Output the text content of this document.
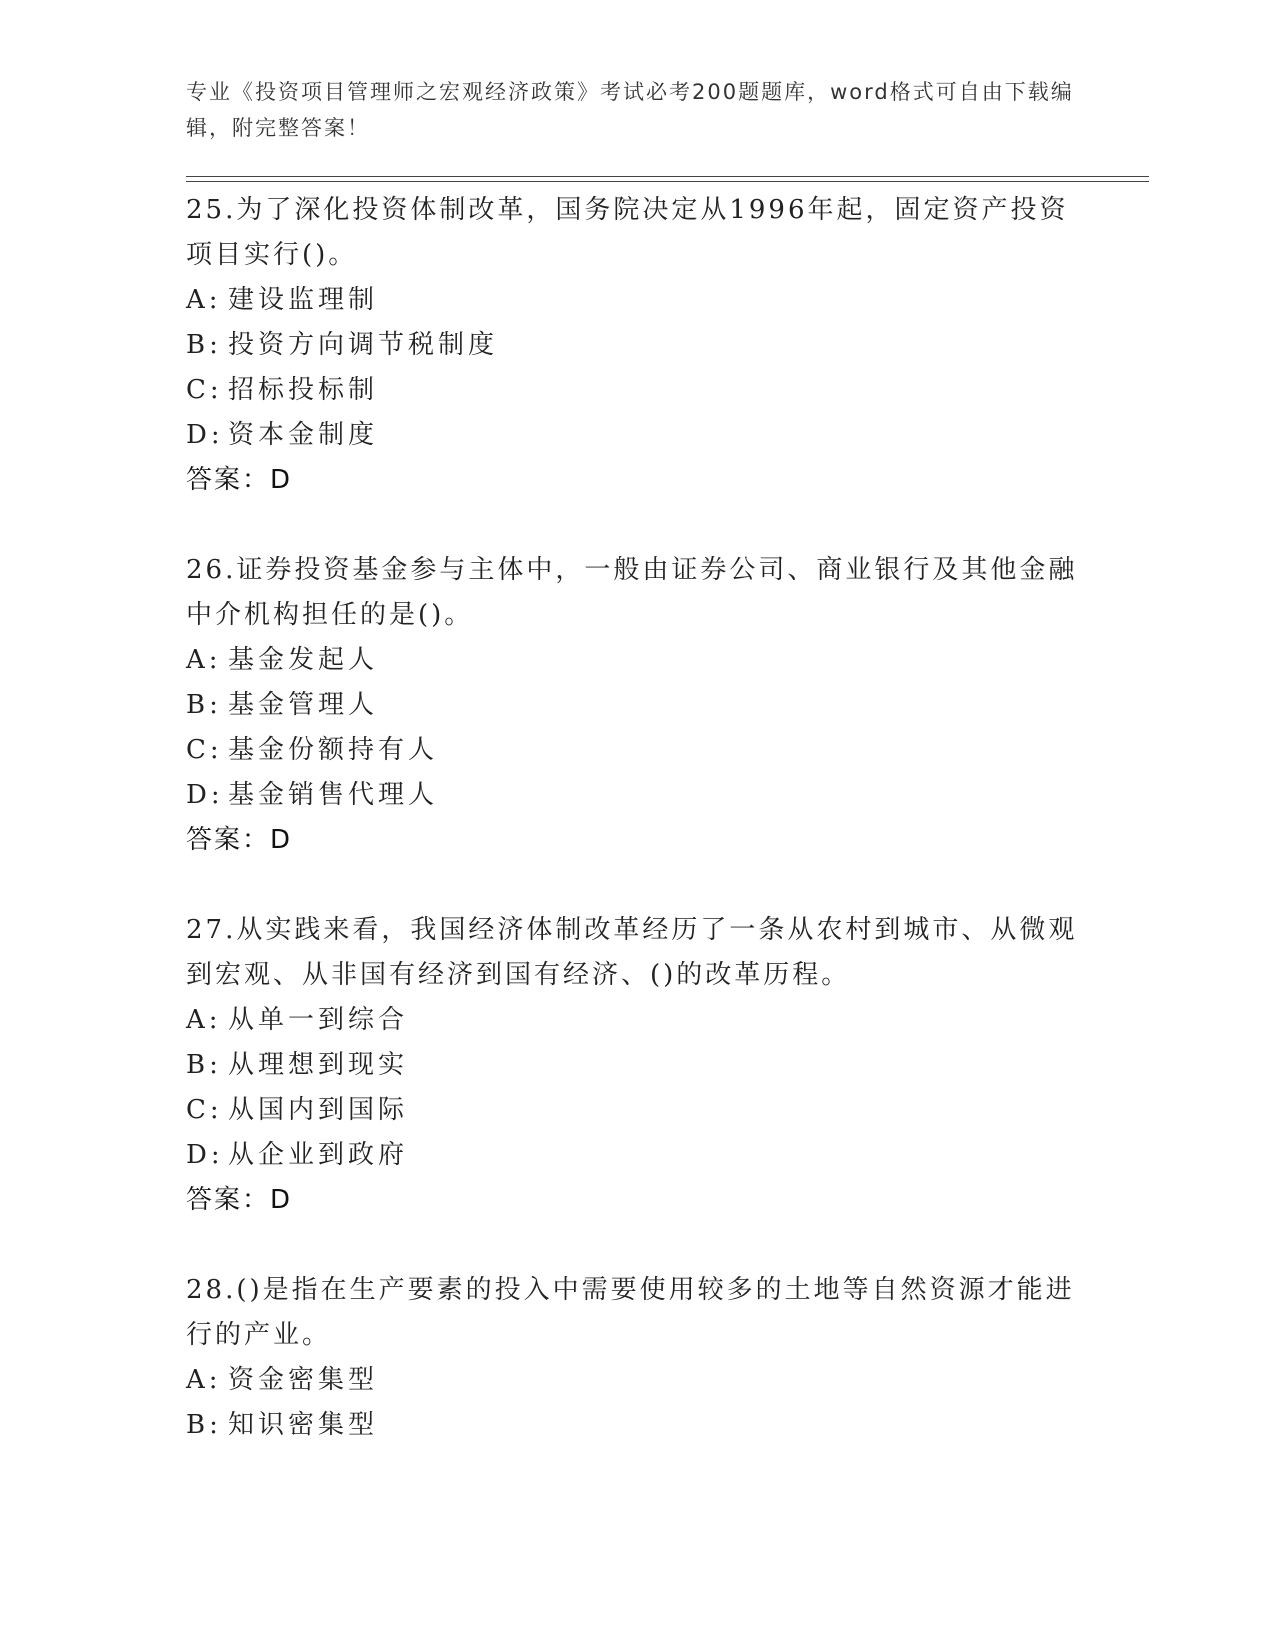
专业《投资项目管理师之宏观经济政策》考试必考200题题库，word格式可自由下载编辑，附完整答案！
25.为了深化投资体制改革，国务院决定从1996年起，固定资产投资项目实行()。
A: 建设监理制
B: 投资方向调节税制度
C: 招标投标制
D: 资本金制度
答案：D
26.证券投资基金参与主体中，一般由证券公司、商业银行及其他金融中介机构担任的是()。
A: 基金发起人
B: 基金管理人
C: 基金份额持有人
D: 基金销售代理人
答案：D
27.从实践来看，我国经济体制改革经历了一条从农村到城市、从微观到宏观、从非国有经济到国有经济、()的改革历程。
A: 从单一到综合
B: 从理想到现实
C: 从国内到国际
D: 从企业到政府
答案：D
28.()是指在生产要素的投入中需要使用较多的土地等自然资源才能进行的产业。
A: 资金密集型
B: 知识密集型
